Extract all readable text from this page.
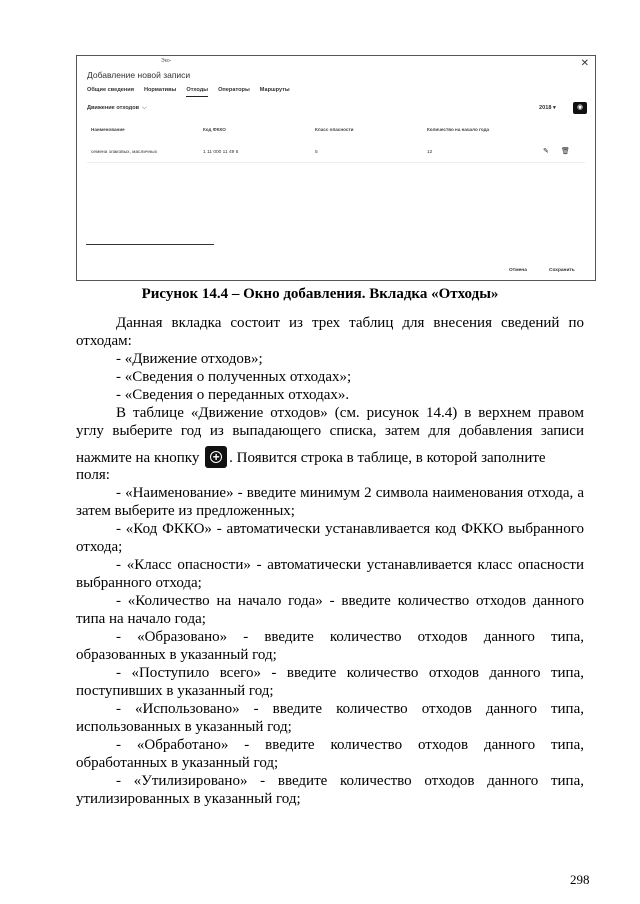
Эко-	✕
Добавление новой записи
Общие сведения Нормативы Отходы Операторы Маршруты
Движение отходов ⌵	2018 ▾	◉
Наименование	Код ФККО	Класс опасности	Количество на начало года
семена злаковых, масличных	1 11 000 11 49 5	5	12	✎ 🗑
Отмена	Сохранить
Рисунок 14.4 – Окно добавления. Вкладка «Отходы»
Данная вкладка состоит из трех таблиц для внесения сведений по
отходам:
- «Движение отходов»;
- «Сведения о полученных отходах»;
- «Сведения о переданных отходах».
В таблице «Движение отходов» (см. рисунок 14.4) в верхнем правом
углу выберите год из выпадающего списка, затем для добавления записи
нажмите на кнопку	+ . Появится строка в таблице, в которой заполните
поля:
- «Наименование» - введите минимум 2 символа наименования отхода, а
затем выберите из предложенных;
- «Код ФККО» - автоматически устанавливается код ФККО выбранного
отхода;
- «Класс опасности» - автоматически устанавливается класс опасности
выбранного отхода;
- «Количество на начало года» - введите количество отходов данного
типа на начало года;
- «Образовано» - введите количество отходов данного типа,
образованных в указанный год;
- «Поступило всего» - введите количество отходов данного типа,
поступивших в указанный год;
- «Использовано» - введите количество отходов данного типа,
использованных в указанный год;
- «Обработано» - введите количество отходов данного типа,
обработанных в указанный год;
- «Утилизировано» - введите количество отходов данного типа,
утилизированных в указанный год;
298
